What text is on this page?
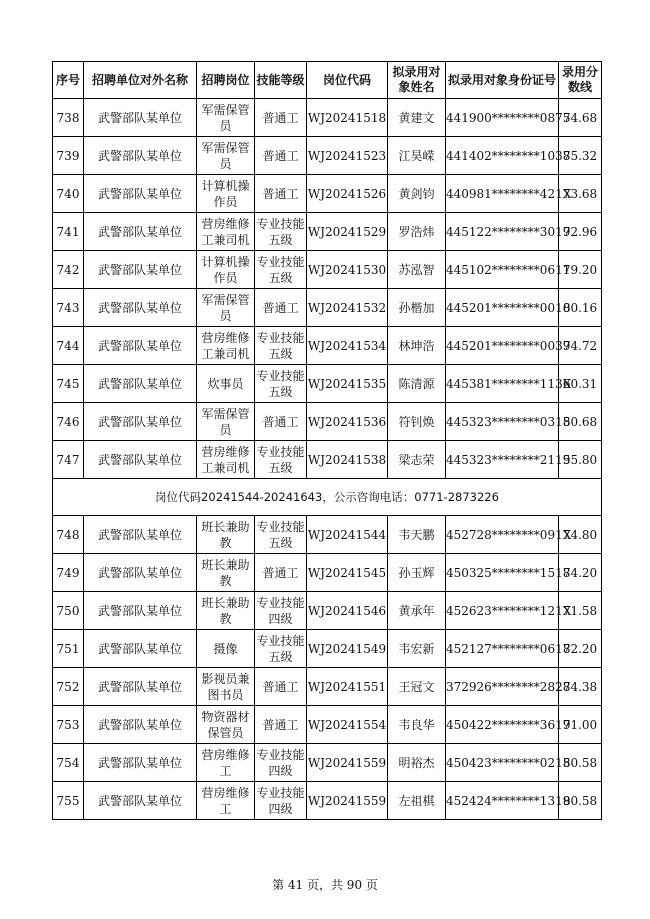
序号	招聘单位对外名称	招聘岗位	技能等级	岗位代码	拟录用对象姓名	拟录用对象身份证号	录用分数线
738	武警部队某单位	军需保管员	普通工	WJ20241518	黄建文	441900********0875	74.68
739	武警部队某单位	军需保管员	普通工	WJ20241523	江昊嵘	441402********1038	75.32
740	武警部队某单位	计算机操作员	普通工	WJ20241526	黄剑钧	440981********421X	73.68
741	武警部队某单位	营房维修工兼司机	专业技能五级	WJ20241529	罗浩炜	445122********3019	72.96
742	武警部队某单位	计算机操作员	专业技能五级	WJ20241530	苏泓智	445102********0611	79.20
743	武警部队某单位	军需保管员	普通工	WJ20241532	孙楷加	445201********0010	80.16
744	武警部队某单位	营房维修工兼司机	专业技能五级	WJ20241534	林坤浩	445201********0039	74.72
745	武警部队某单位	炊事员	专业技能五级	WJ20241535	陈清源	445381********113X	60.31
746	武警部队某单位	军需保管员	普通工	WJ20241536	符钊焕	445323********0315	80.68
747	武警部队某单位	营房维修工兼司机	专业技能五级	WJ20241538	梁志荣	445323********2119	55.80
岗位代码20241544-20241643，公示咨询电话：0771-2873226							
748	武警部队某单位	班长兼助教	专业技能五级	WJ20241544	韦天鹏	452728********091X	74.80
749	武警部队某单位	班长兼助教	普通工	WJ20241545	孙玉辉	450325********1518	74.20
750	武警部队某单位	班长兼助教	专业技能四级	WJ20241546	黄承年	452623********121X	71.58
751	武警部队某单位	摄像	专业技能五级	WJ20241549	韦宏新	452127********0617	82.20
752	武警部队某单位	影视员兼图书员	普通工	WJ20241551	王冠文	372926********2828	74.38
753	武警部队某单位	物资器材保管员	普通工	WJ20241554	韦良华	450422********3617	91.00
754	武警部队某单位	营房维修工	专业技能四级	WJ20241559	明裕杰	450423********0215	80.58
755	武警部队某单位	营房维修工	专业技能四级	WJ20241559	左祖棋	452424********1319	80.58
第 41 页，共 90 页
